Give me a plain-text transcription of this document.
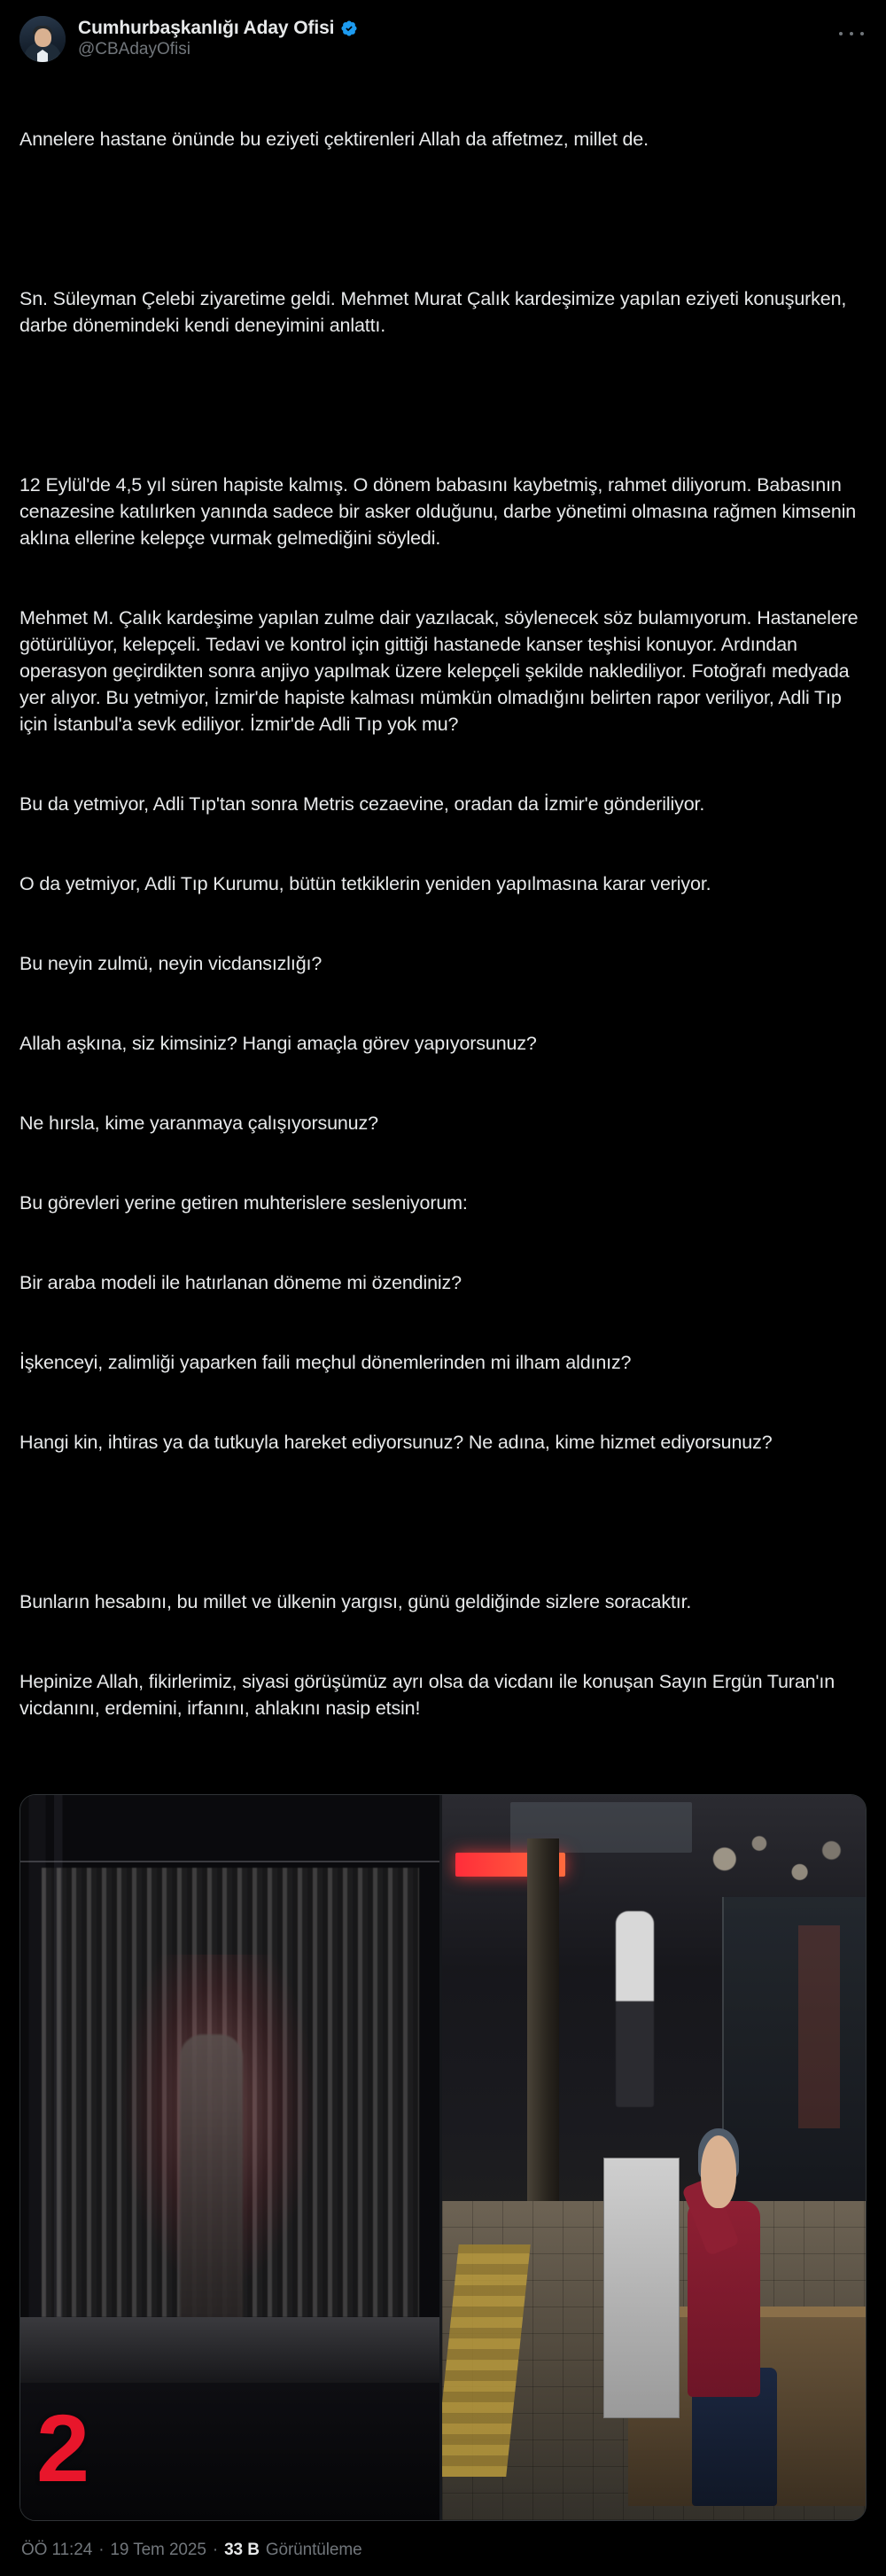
Cumhurbaşkanlığı Aday Ofisi
@CBAdayOfisi

Annelere hastane önünde bu eziyeti çektirenleri Allah da affetmez, millet de.

Sn. Süleyman Çelebi ziyaretime geldi. Mehmet Murat Çalık kardeşimize yapılan eziyeti konuşurken, darbe dönemindeki kendi deneyimini anlattı.

12 Eylül'de 4,5 yıl süren hapiste kalmış. O dönem babasını kaybetmiş, rahmet diliyorum. Babasının cenazesine katılırken yanında sadece bir asker olduğunu, darbe yönetimi olmasına rağmen kimsenin aklına ellerine kelepçe vurmak gelmediğini söyledi.

Mehmet M. Çalık kardeşime yapılan zulme dair yazılacak, söylenecek söz bulamıyorum. Hastanelere götürülüyor, kelepçeli. Tedavi ve kontrol için gittiği hastanede kanser teşhisi konuyor. Ardından operasyon geçirdikten sonra anjiyo yapılmak üzere kelepçeli şekilde naklediliyor. Fotoğrafı medyada yer alıyor. Bu yetmiyor, İzmir'de hapiste kalması mümkün olmadığını belirten rapor veriliyor, Adli Tıp için İstanbul'a sevk ediliyor. İzmir'de Adli Tıp yok mu?

Bu da yetmiyor, Adli Tıp'tan sonra Metris cezaevine, oradan da İzmir'e gönderiliyor.

O da yetmiyor, Adli Tıp Kurumu, bütün tetkiklerin yeniden yapılmasına karar veriyor.

Bu neyin zulmü, neyin vicdansızlığı?

Allah aşkına, siz kimsiniz? Hangi amaçla görev yapıyorsunuz?

Ne hırsla, kime yaranmaya çalışıyorsunuz?

Bu görevleri yerine getiren muhterislere sesleniyorum:

Bir araba modeli ile hatırlanan döneme mi özendiniz?

İşkenceyi, zalimliği yaparken faili meçhul dönemlerinden mi ilham aldınız?

Hangi kin, ihtiras ya da tutkuyla hareket ediyorsunuz? Ne adına, kime hizmet ediyorsunuz?

Bunların hesabını, bu millet ve ülkenin yargısı, günü geldiğinde sizlere soracaktır.

Hepinize Allah, fikirlerimiz, siyasi görüşümüz ayrı olsa da vicdanı ile konuşan Sayın Ergün Turan'ın vicdanını, erdemini, irfanını, ahlakını nasip etsin!

2
ÖÖ 11:24 · 19 Tem 2025 · 33 B Görüntüleme
